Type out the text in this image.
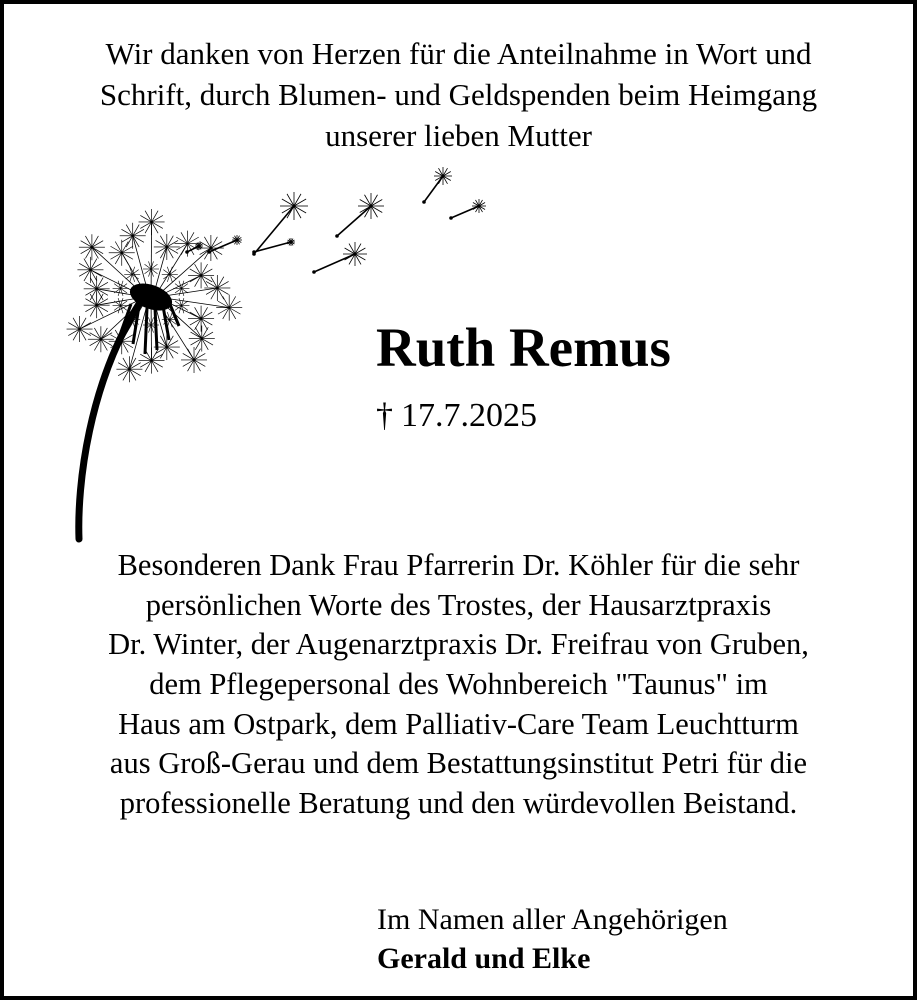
Wir danken von Herzen für die Anteilnahme in Wort und
Schrift, durch Blumen- und Geldspenden beim Heimgang
unserer lieben Mutter
Ruth Remus
† 17.7.2025
Besonderen Dank Frau Pfarrerin Dr. Köhler für die sehr
persönlichen Worte des Trostes, der Hausarztpraxis
Dr. Winter, der Augenarztpraxis Dr. Freifrau von Gruben,
dem Pflegepersonal des Wohnbereich "Taunus" im
Haus am Ostpark, dem Palliativ-Care Team Leuchtturm
aus Groß-Gerau und dem Bestattungsinstitut Petri für die
professionelle Beratung und den würdevollen Beistand.
Im Namen aller Angehörigen
Gerald und Elke
